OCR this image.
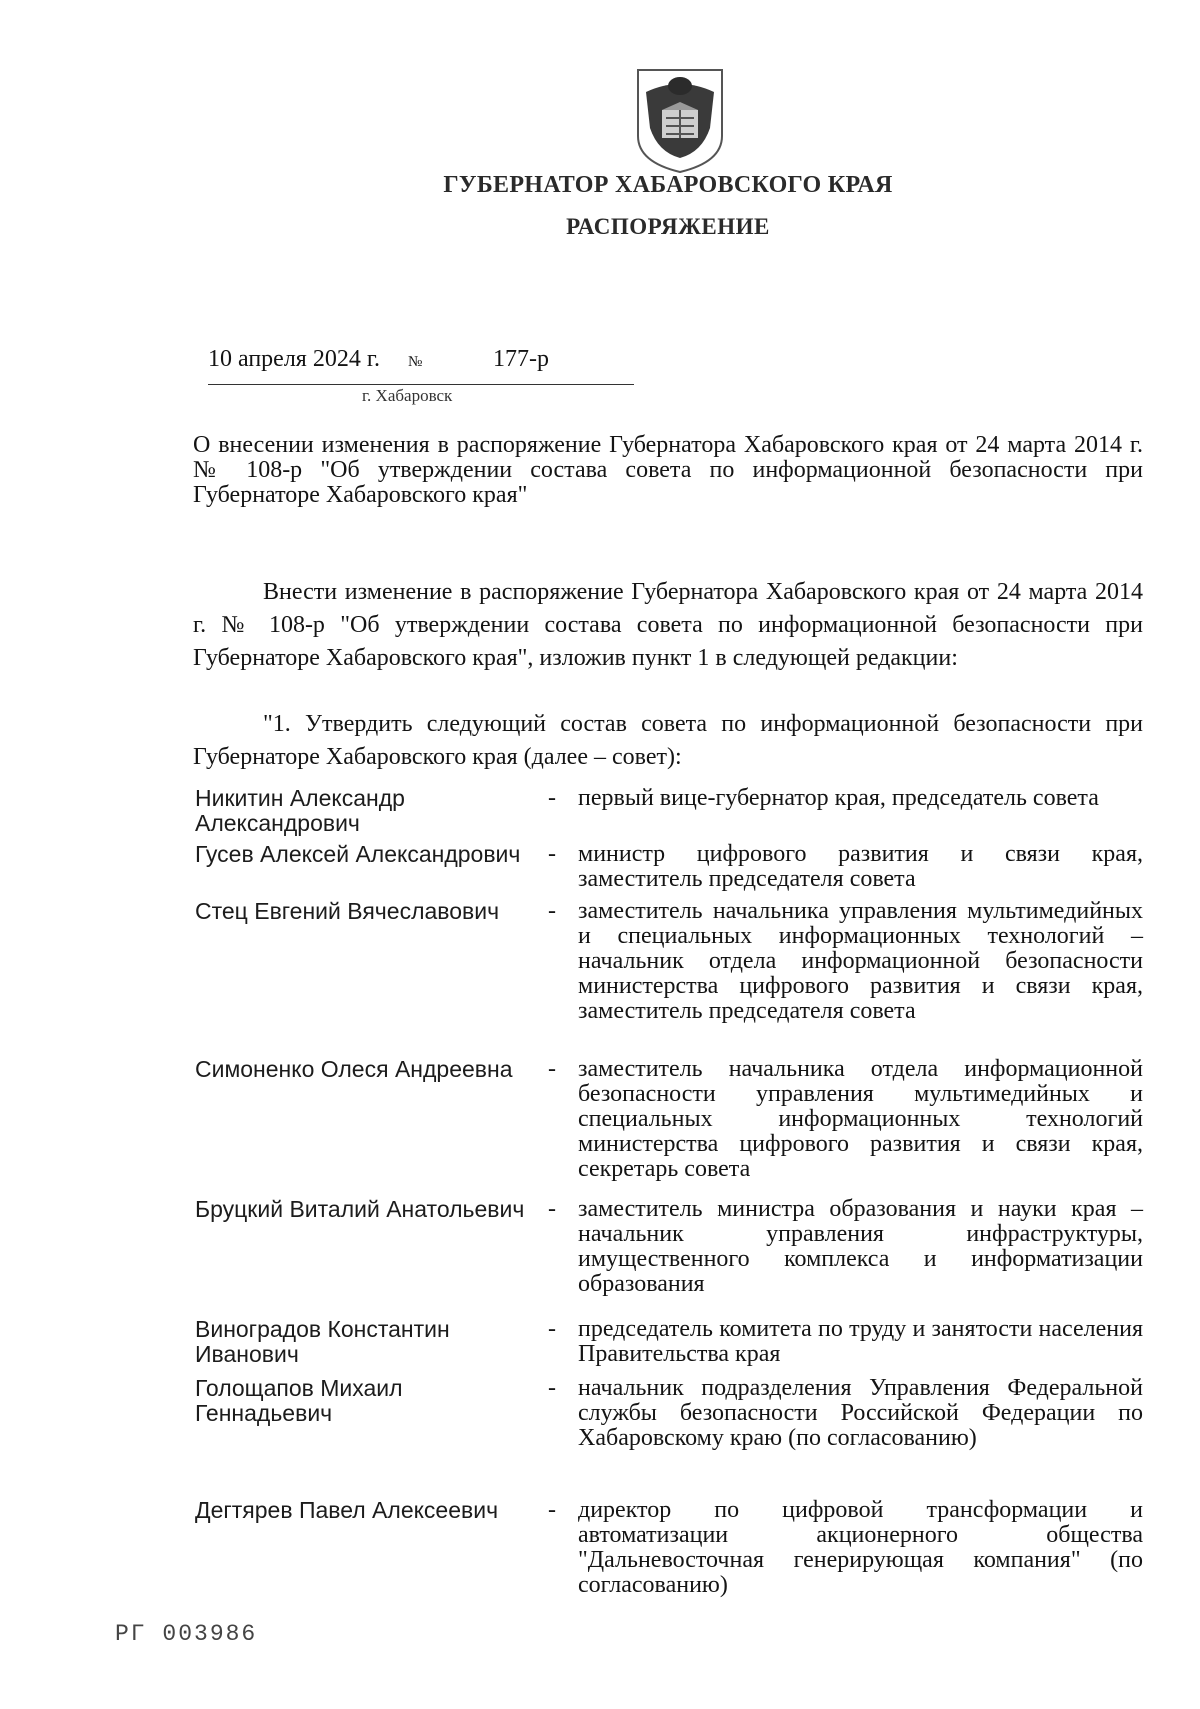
ГУБЕРНАТОР ХАБАРОВСКОГО КРАЯ
РАСПОРЯЖЕНИЕ
10 апреля 2024 г. №	177-р
г. Хабаровск
О внесении изменения в распоряжение Губернатора Хабаровского края от 24 марта 2014 г. № 108-р "Об утверждении состава совета по информационной безопасности при Губернаторе Хабаровского края"
Внести изменение в распоряжение Губернатора Хабаровского края от 24 марта 2014 г. № 108-р "Об утверждении состава совета по информационной безопасности при Губернаторе Хабаровского края", изложив пункт 1 в следующей редакции:
"1. Утвердить следующий состав совета по информационной безопасности при Губернаторе Хабаровского края (далее – совет):
Никитин Александр Александрович
- первый вице-губернатор края, председатель совета
Гусев Алексей Александрович	- министр цифрового развития и связи края, заместитель председателя совета
Стец Евгений Вячеславович	- заместитель начальника управления мультимедийных и специальных информационных технологий – начальник отдела информационной безопасности министерства цифрового развития и связи края, заместитель председателя совета
Симоненко Олеся Андреевна	- заместитель начальника отдела информационной безопасности управления мультимедийных и специальных информационных технологий министерства цифрового развития и связи края, секретарь совета
Бруцкий Виталий Анатольевич - заместитель министра образования и науки края – начальник управления инфраструктуры, имущественного комплекса и информатизации образования
Виноградов Константин Иванович
- председатель комитета по труду и занятости населения Правительства края
Голощапов Михаил Геннадьевич
- начальник подразделения Управления Федеральной службы безопасности Российской Федерации по Хабаровскому краю (по согласованию)
Дегтярев Павел Алексеевич	- директор по цифровой трансформации и автоматизации акционерного общества "Дальневосточная генерирующая компания" (по согласованию)
РГ 003986
